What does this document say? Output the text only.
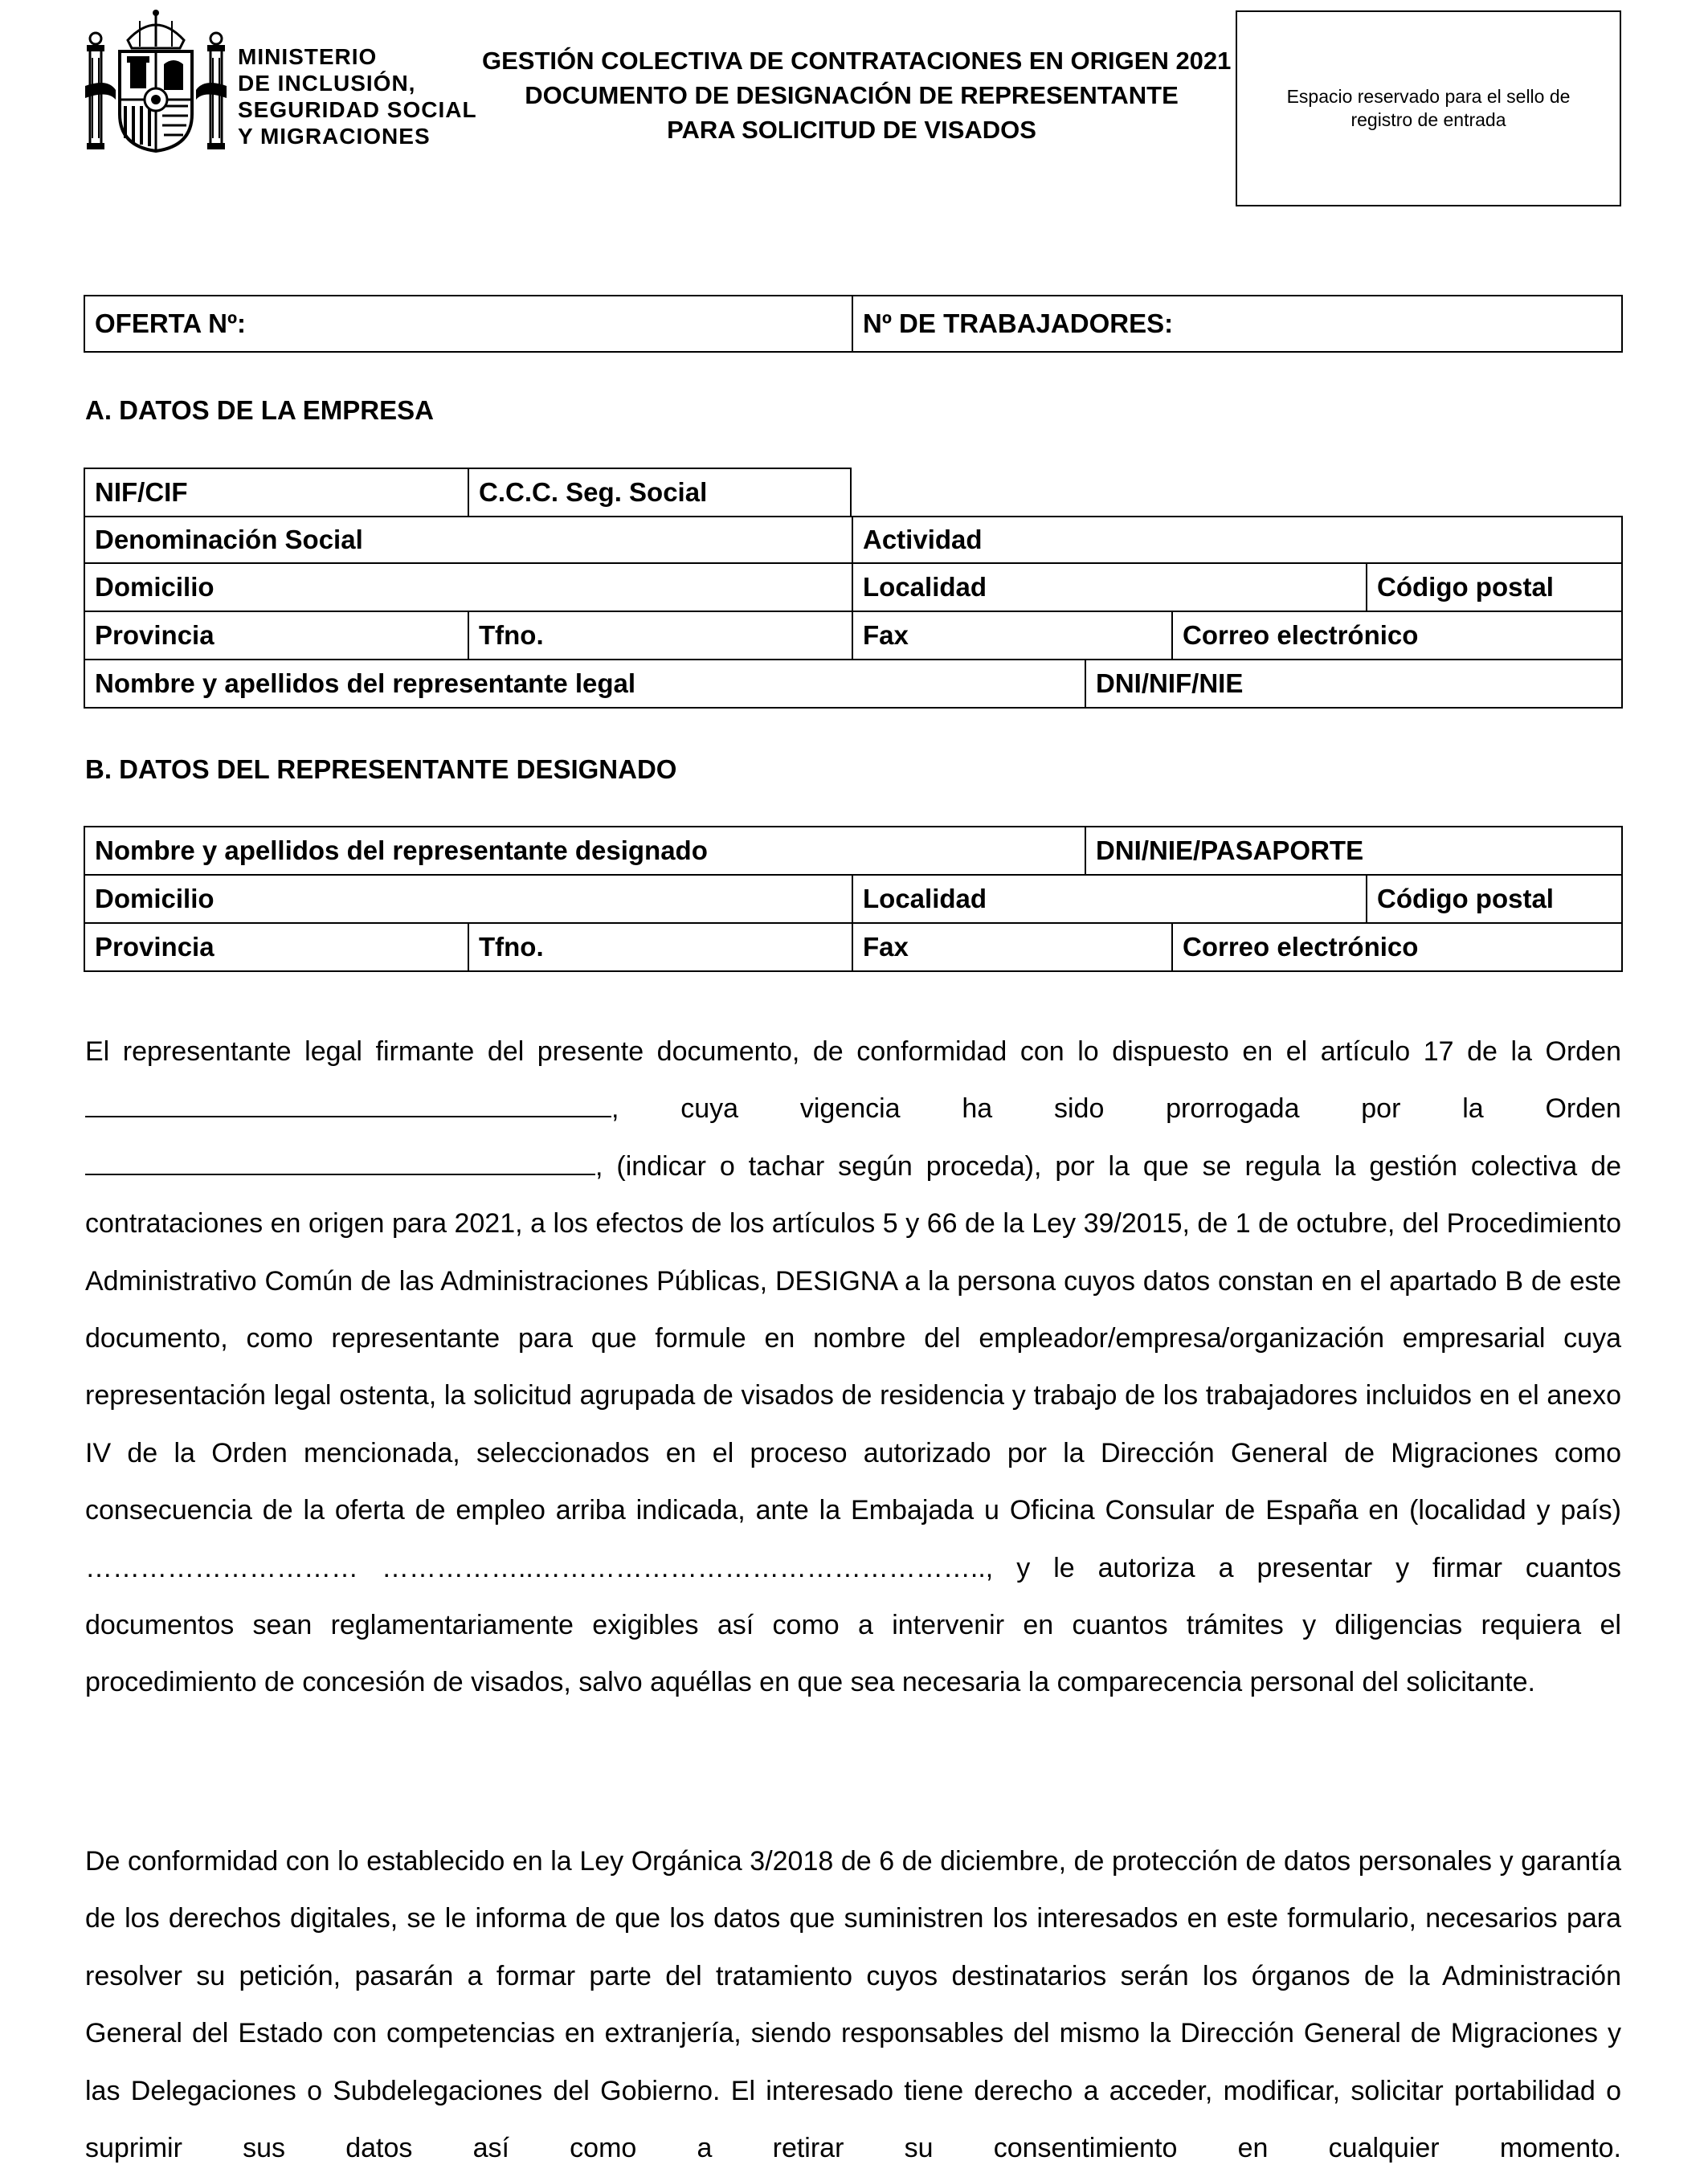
MINISTERIO
DE INCLUSIÓN,
SEGURIDAD SOCIAL
Y MIGRACIONES
GESTIÓN COLECTIVA DE CONTRATACIONES EN ORIGEN 2021
DOCUMENTO DE DESIGNACIÓN DE REPRESENTANTE
PARA SOLICITUD DE VISADOS
Espacio reservado para el sello de registro de entrada
OFERTA Nº:	Nº DE TRABAJADORES:
A. DATOS DE LA EMPRESA
NIF/CIF	C.C.C. Seg. Social
Denominación Social	Actividad
Domicilio	Localidad	Código postal
Provincia	Tfno.	Fax	Correo electrónico
Nombre y apellidos del representante legal	DNI/NIF/NIE
B. DATOS DEL REPRESENTANTE DESIGNADO
Nombre y apellidos del representante designado	DNI/NIE/PASAPORTE
Domicilio	Localidad	Código postal
Provincia	Tfno.	Fax	Correo electrónico
El representante legal firmante del presente documento, de conformidad con lo dispuesto en el artículo 17 de la Orden
, cuya vigencia ha sido prorrogada por la Orden
, (indicar o tachar según proceda), por la que se regula la gestión colectiva de
contrataciones en origen para 2021, a los efectos de los artículos 5 y 66 de la Ley 39/2015, de 1 de octubre, del Procedimiento Administrativo Común de las Administraciones Públicas, DESIGNA a la persona cuyos datos constan en el apartado B de este documento, como representante para que formule en nombre del empleador/empresa/organización empresarial cuya representación legal ostenta, la solicitud agrupada de visados de residencia y trabajo de los trabajadores incluidos en el anexo IV de la Orden mencionada, seleccionados en el proceso autorizado por la Dirección General de Migraciones como consecuencia de la oferta de empleo arriba indicada, ante la Embajada u Oficina Consular de España en (localidad y país) ………………………… ……………..………………………………………….., y le autoriza a presentar y firmar cuantos documentos sean reglamentariamente exigibles así como a intervenir en cuantos trámites y diligencias requiera el procedimiento de concesión de visados, salvo aquéllas en que sea necesaria la comparecencia personal del solicitante.
De conformidad con lo establecido en la Ley Orgánica 3/2018 de 6 de diciembre, de protección de datos personales y garantía de los derechos digitales, se le informa de que los datos que suministren los interesados en este formulario, necesarios para resolver su petición, pasarán a formar parte del tratamiento cuyos destinatarios serán los órganos de la Administración General del Estado con competencias en extranjería, siendo responsables del mismo la Dirección General de Migraciones y las Delegaciones o Subdelegaciones del Gobierno. El interesado tiene derecho a acceder, modificar, solicitar portabilidad o suprimir sus datos así como a retirar su consentimiento en cualquier momento.
